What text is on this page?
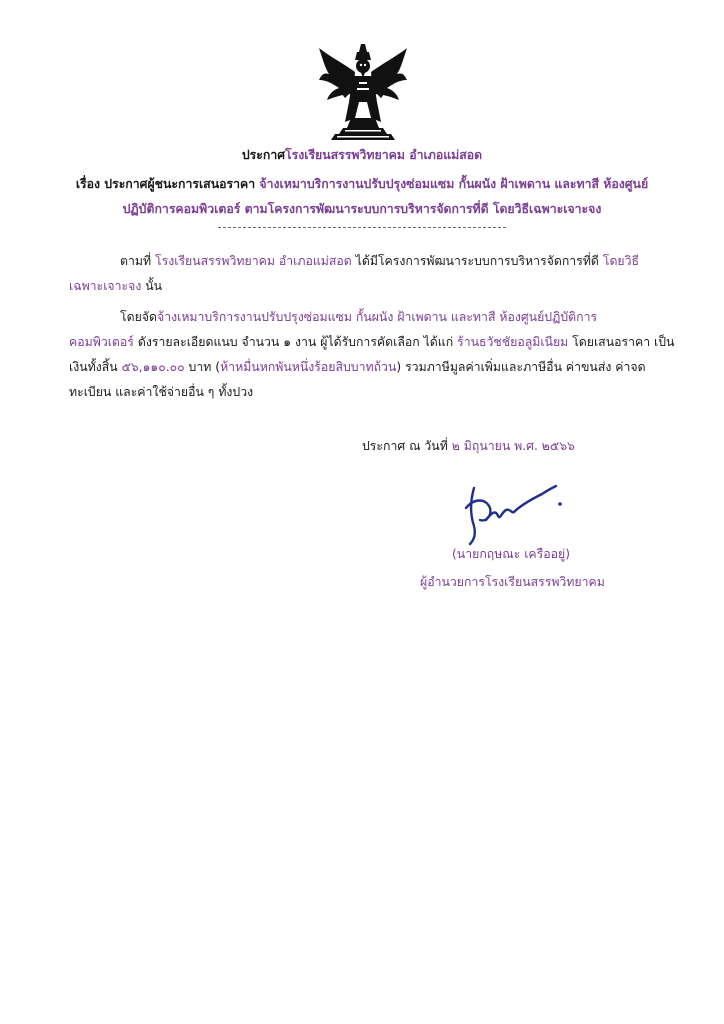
ประกาศโรงเรียนสรรพวิทยาคม อำเภอแม่สอด
เรื่อง ประกาศผู้ชนะการเสนอราคา จ้างเหมาบริการงานปรับปรุงซ่อมแซม กั้นผนัง ฝ้าเพดาน และทาสี ห้องศูนย์
ปฏิบัติการคอมพิวเตอร์ ตามโครงการพัฒนาระบบการบริหารจัดการที่ดี โดยวิธีเฉพาะเจาะจง
ตามที่ โรงเรียนสรรพวิทยาคม อำเภอแม่สอด ได้มีโครงการพัฒนาระบบการบริหารจัดการที่ดี โดยวิธี
เฉพาะเจาะจง นั้น
โดยจัดจ้างเหมาบริการงานปรับปรุงซ่อมแซม กั้นผนัง ฝ้าเพดาน และทาสี ห้องศูนย์ปฏิบัติการ
คอมพิวเตอร์ ดังรายละเอียดแนบ จำนวน ๑ งาน ผู้ได้รับการคัดเลือก ได้แก่ ร้านธวัชชัยอลูมิเนียม โดยเสนอราคา เป็น
เงินทั้งสิ้น ๕๖,๑๑๐.๐๐ บาท (ห้าหมื่นหกพันหนึ่งร้อยสิบบาทถ้วน) รวมภาษีมูลค่าเพิ่มและภาษีอื่น ค่าขนส่ง ค่าจด
ทะเบียน และค่าใช้จ่ายอื่น ๆ ทั้งปวง
ประกาศ ณ วันที่ ๒ มิถุนายน พ.ศ. ๒๕๖๖
(นายกฤษณะ เครืออยู่)
ผู้อำนวยการโรงเรียนสรรพวิทยาคม
